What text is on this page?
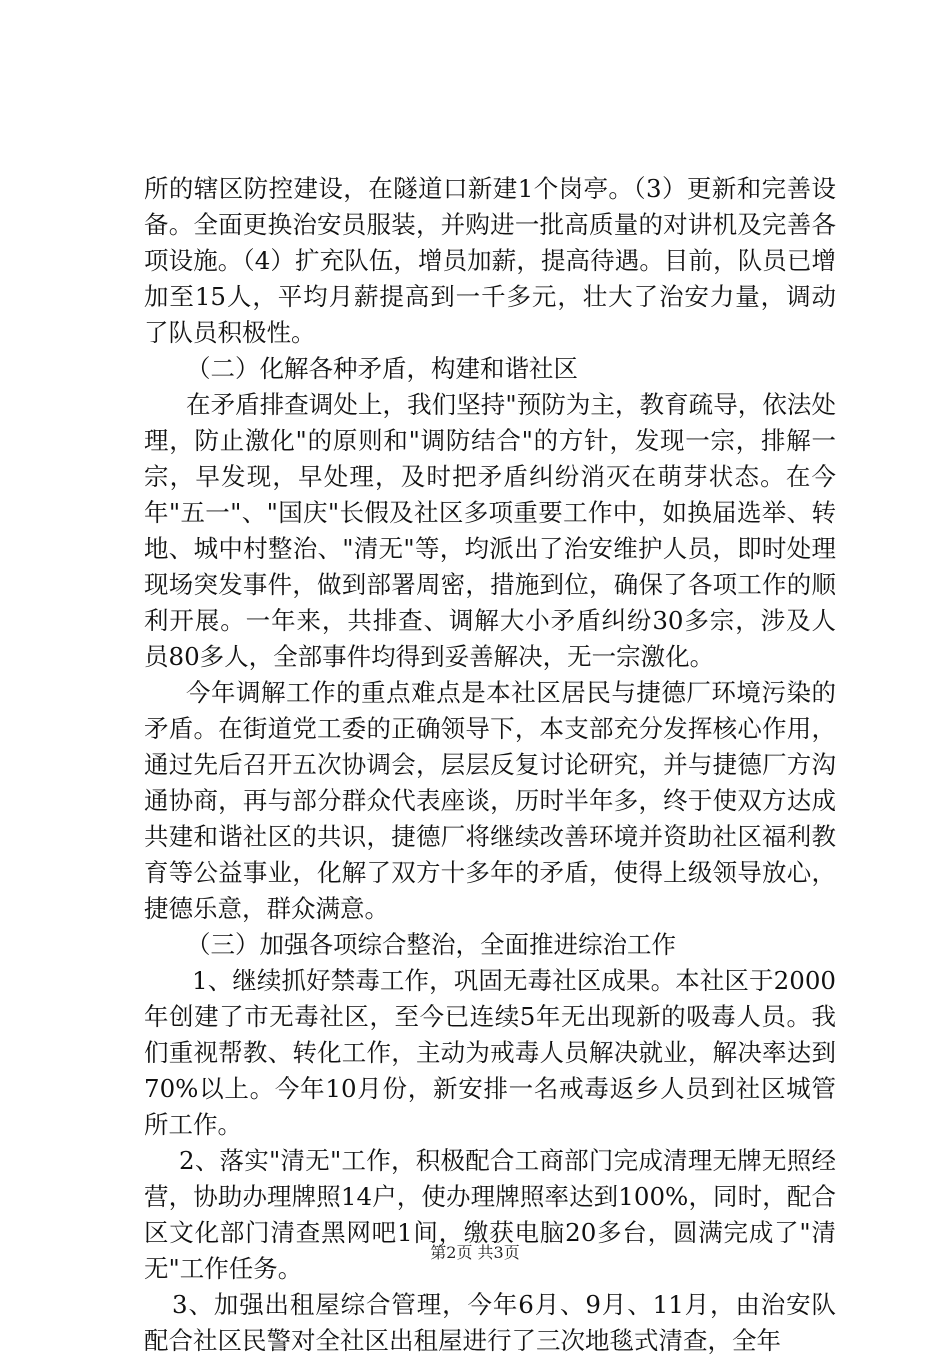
所的辖区防控建设，在隧道口新建1个岗亭。（3）更新和完善设备。全面更换治安员服装，并购进一批高质量的对讲机及完善各项设施。（4）扩充队伍，增员加薪，提高待遇。目前，队员已增加至15人，平均月薪提高到一千多元，壮大了治安力量，调动了队员积极性。

（二）化解各种矛盾，构建和谐社区

在矛盾排查调处上，我们坚持"预防为主，教育疏导，依法处理，防止激化"的原则和"调防结合"的方针，发现一宗，排解一宗，早发现，早处理，及时把矛盾纠纷消灭在萌芽状态。在今年"五一"、"国庆"长假及社区多项重要工作中，如换届选举、转地、城中村整治、"清无"等，均派出了治安维护人员，即时处理现场突发事件，做到部署周密，措施到位，确保了各项工作的顺利开展。一年来，共排查、调解大小矛盾纠纷30多宗，涉及人员80多人，全部事件均得到妥善解决，无一宗激化。

今年调解工作的重点难点是本社区居民与捷德厂环境污染的矛盾。在街道党工委的正确领导下，本支部充分发挥核心作用，通过先后召开五次协调会，层层反复讨论研究，并与捷德厂方沟通协商，再与部分群众代表座谈，历时半年多，终于使双方达成共建和谐社区的共识，捷德厂将继续改善环境并资助社区福利教育等公益事业，化解了双方十多年的矛盾，使得上级领导放心，捷德乐意，群众满意。

（三）加强各项综合整治，全面推进综治工作

1、继续抓好禁毒工作，巩固无毒社区成果。本社区于2000年创建了市无毒社区，至今已连续5年无出现新的吸毒人员。我们重视帮教、转化工作，主动为戒毒人员解决就业，解决率达到70%以上。今年10月份，新安排一名戒毒返乡人员到社区城管所工作。

2、落实"清无"工作，积极配合工商部门完成清理无牌无照经营，协助办理牌照14户，使办理牌照率达到100%，同时，配合区文化部门清查黑网吧1间，缴获电脑20多台，圆满完成了"清无"工作任务。

3、加强出租屋综合管理，今年6月、9月、11月，由治安队配合社区民警对全社区出租屋进行了三次地毯式清查，全年

第2页 共3页
